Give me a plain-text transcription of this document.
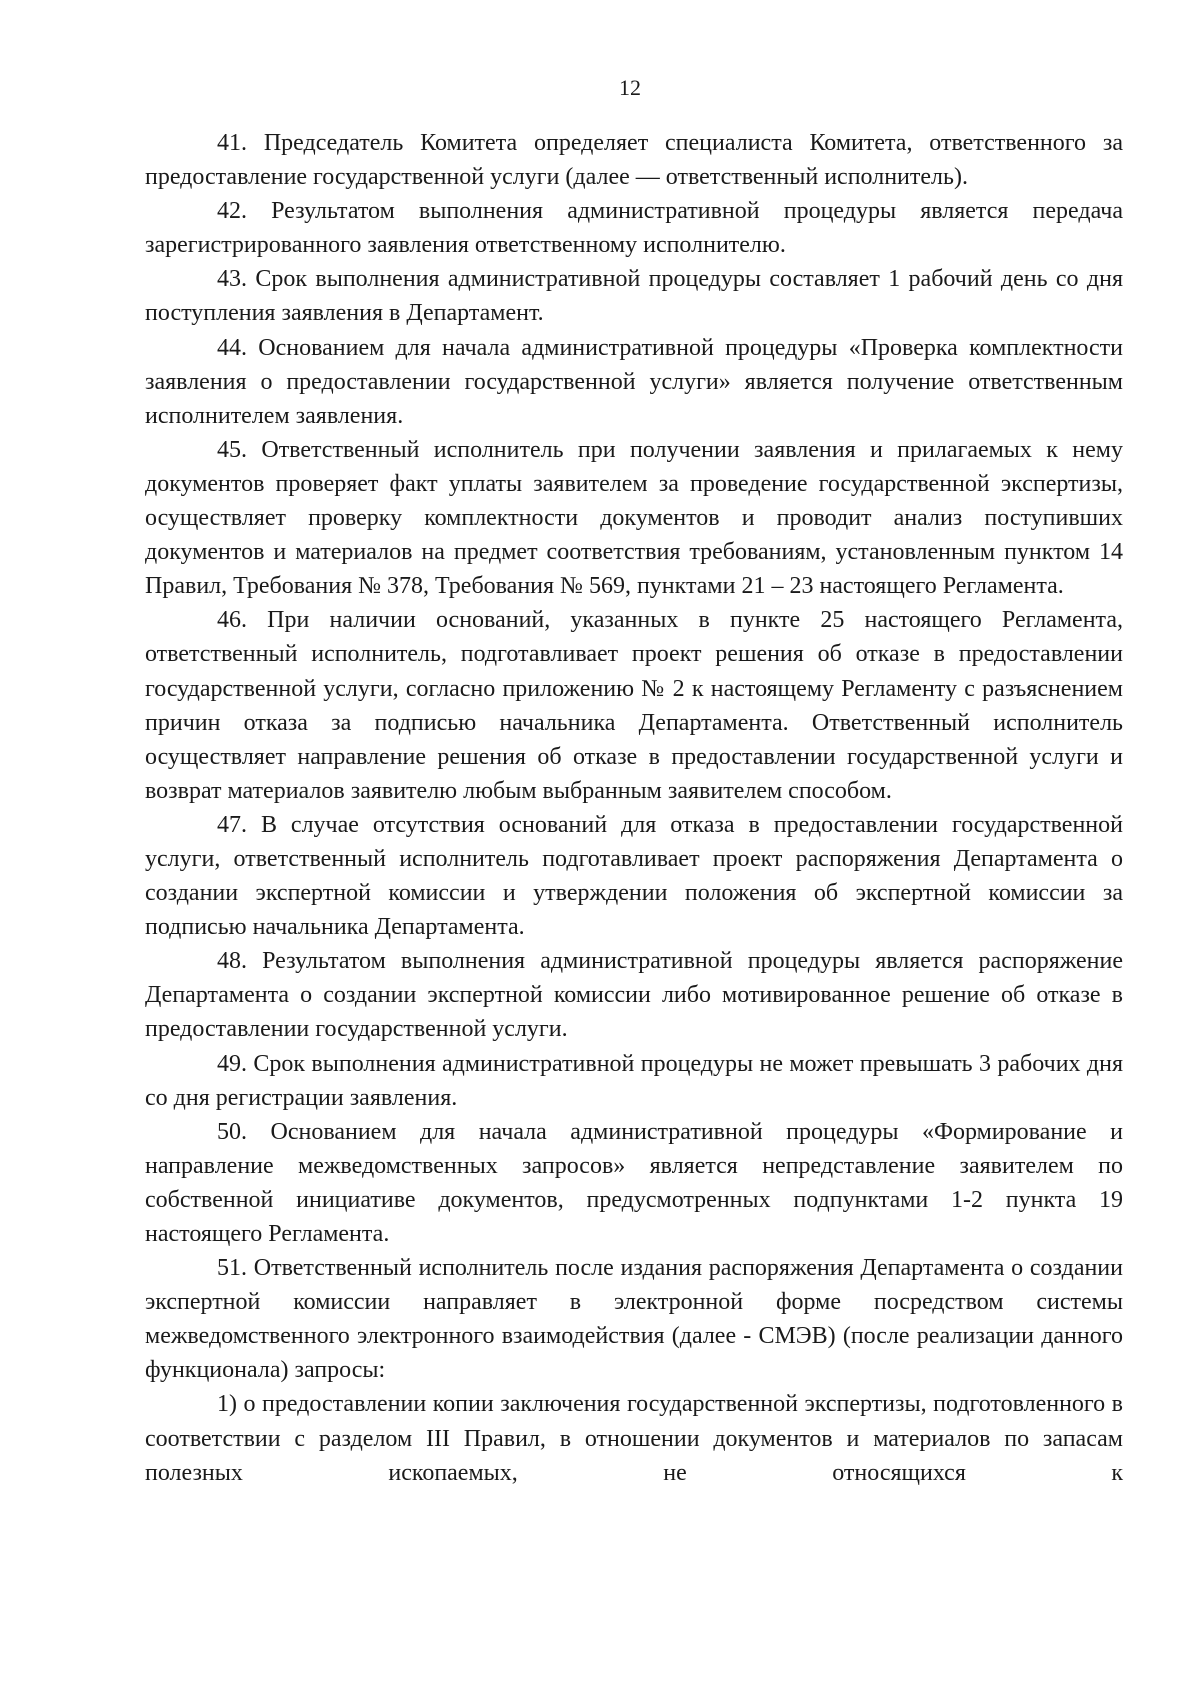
12

41. Председатель Комитета определяет специалиста Комитета, ответственного за предоставление государственной услуги (далее — ответственный исполнитель).

42. Результатом выполнения административной процедуры является передача зарегистрированного заявления ответственному исполнителю.

43. Срок выполнения административной процедуры составляет 1 рабочий день со дня поступления заявления в Департамент.

44. Основанием для начала административной процедуры «Проверка комплектности заявления о предоставлении государственной услуги» является получение ответственным исполнителем заявления.

45. Ответственный исполнитель при получении заявления и прилагаемых к нему документов проверяет факт уплаты заявителем за проведение государственной экспертизы, осуществляет проверку комплектности документов и проводит анализ поступивших документов и материалов на предмет соответствия требованиям, установленным пунктом 14 Правил, Требования № 378, Требования № 569, пунктами 21 – 23 настоящего Регламента.

46. При наличии оснований, указанных в пункте 25 настоящего Регламента, ответственный исполнитель, подготавливает проект решения об отказе в предоставлении государственной услуги, согласно приложению № 2 к настоящему Регламенту с разъяснением причин отказа за подписью начальника Департамента. Ответственный исполнитель осуществляет направление решения об отказе в предоставлении государственной услуги и возврат материалов заявителю любым выбранным заявителем способом.

47. В случае отсутствия оснований для отказа в предоставлении государственной услуги, ответственный исполнитель подготавливает проект распоряжения Департамента о создании экспертной комиссии и утверждении положения об экспертной комиссии за подписью начальника Департамента.

48. Результатом выполнения административной процедуры является распоряжение Департамента о создании экспертной комиссии либо мотивированное решение об отказе в предоставлении государственной услуги.

49. Срок выполнения административной процедуры не может превышать 3 рабочих дня со дня регистрации заявления.

50. Основанием для начала административной процедуры «Формирование и направление межведомственных запросов» является непредставление заявителем по собственной инициативе документов, предусмотренных подпунктами 1-2 пункта 19 настоящего Регламента.

51. Ответственный исполнитель после издания распоряжения Департамента о создании экспертной комиссии направляет в электронной форме посредством системы межведомственного электронного взаимодействия (далее - СМЭВ) (после реализации данного функционала) запросы:

1) о предоставлении копии заключения государственной экспертизы, подготовленного в соответствии с разделом III Правил, в отношении документов и материалов по запасам полезных ископаемых, не относящихся к
